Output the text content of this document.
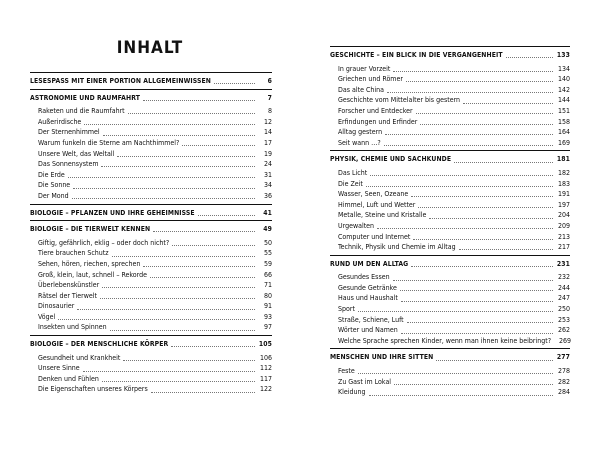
INHALT
LESESPASS MIT EINER PORTION ALLGEMEINWISSEN	6
ASTRONOMIE UND RAUMFAHRT	7
Raketen und die Raumfahrt	8
Außerirdische	12
Der Sternenhimmel	14
Warum funkeln die Sterne am Nachthimmel?	17
Unsere Welt, das Weltall	19
Das Sonnensystem	24
Die Erde	31
Die Sonne	34
Der Mond	36
BIOLOGIE – PFLANZEN UND IHRE GEHEIMNISSE	41
BIOLOGIE – DIE TIERWELT KENNEN	49
Giftig, gefährlich, eklig – oder doch nicht?	50
Tiere brauchen Schutz	55
Sehen, hören, riechen, sprechen	59
Groß, klein, laut, schnell – Rekorde	66
Überlebenskünstler	71
Rätsel der Tierwelt	80
Dinosaurier	91
Vögel	93
Insekten und Spinnen	97
BIOLOGIE – DER MENSCHLICHE KÖRPER	105
Gesundheit und Krankheit	106
Unsere Sinne	112
Denken und Fühlen	117
Die Eigenschaften unseres Körpers	122
GESCHICHTE – EIN BLICK IN DIE VERGANGENHEIT	133
In grauer Vorzeit	134
Griechen und Römer	140
Das alte China	142
Geschichte vom Mittelalter bis gestern	144
Forscher und Entdecker	151
Erfindungen und Erfinder	158
Alltag gestern	164
Seit wann …?	169
PHYSIK, CHEMIE UND SACHKUNDE	181
Das Licht	182
Die Zeit	183
Wasser, Seen, Ozeane	191
Himmel, Luft und Wetter	197
Metalle, Steine und Kristalle	204
Urgewalten	209
Computer und Internet	213
Technik, Physik und Chemie im Alltag	217
RUND UM DEN ALLTAG	231
Gesundes Essen	232
Gesunde Getränke	244
Haus und Haushalt	247
Sport	250
Straße, Schiene, Luft	253
Wörter und Namen	262
Welche Sprache sprechen Kinder, wenn man ihnen keine beibringt? 269
MENSCHEN UND IHRE SITTEN	277
Feste	278
Zu Gast im Lokal	282
Kleidung	284
